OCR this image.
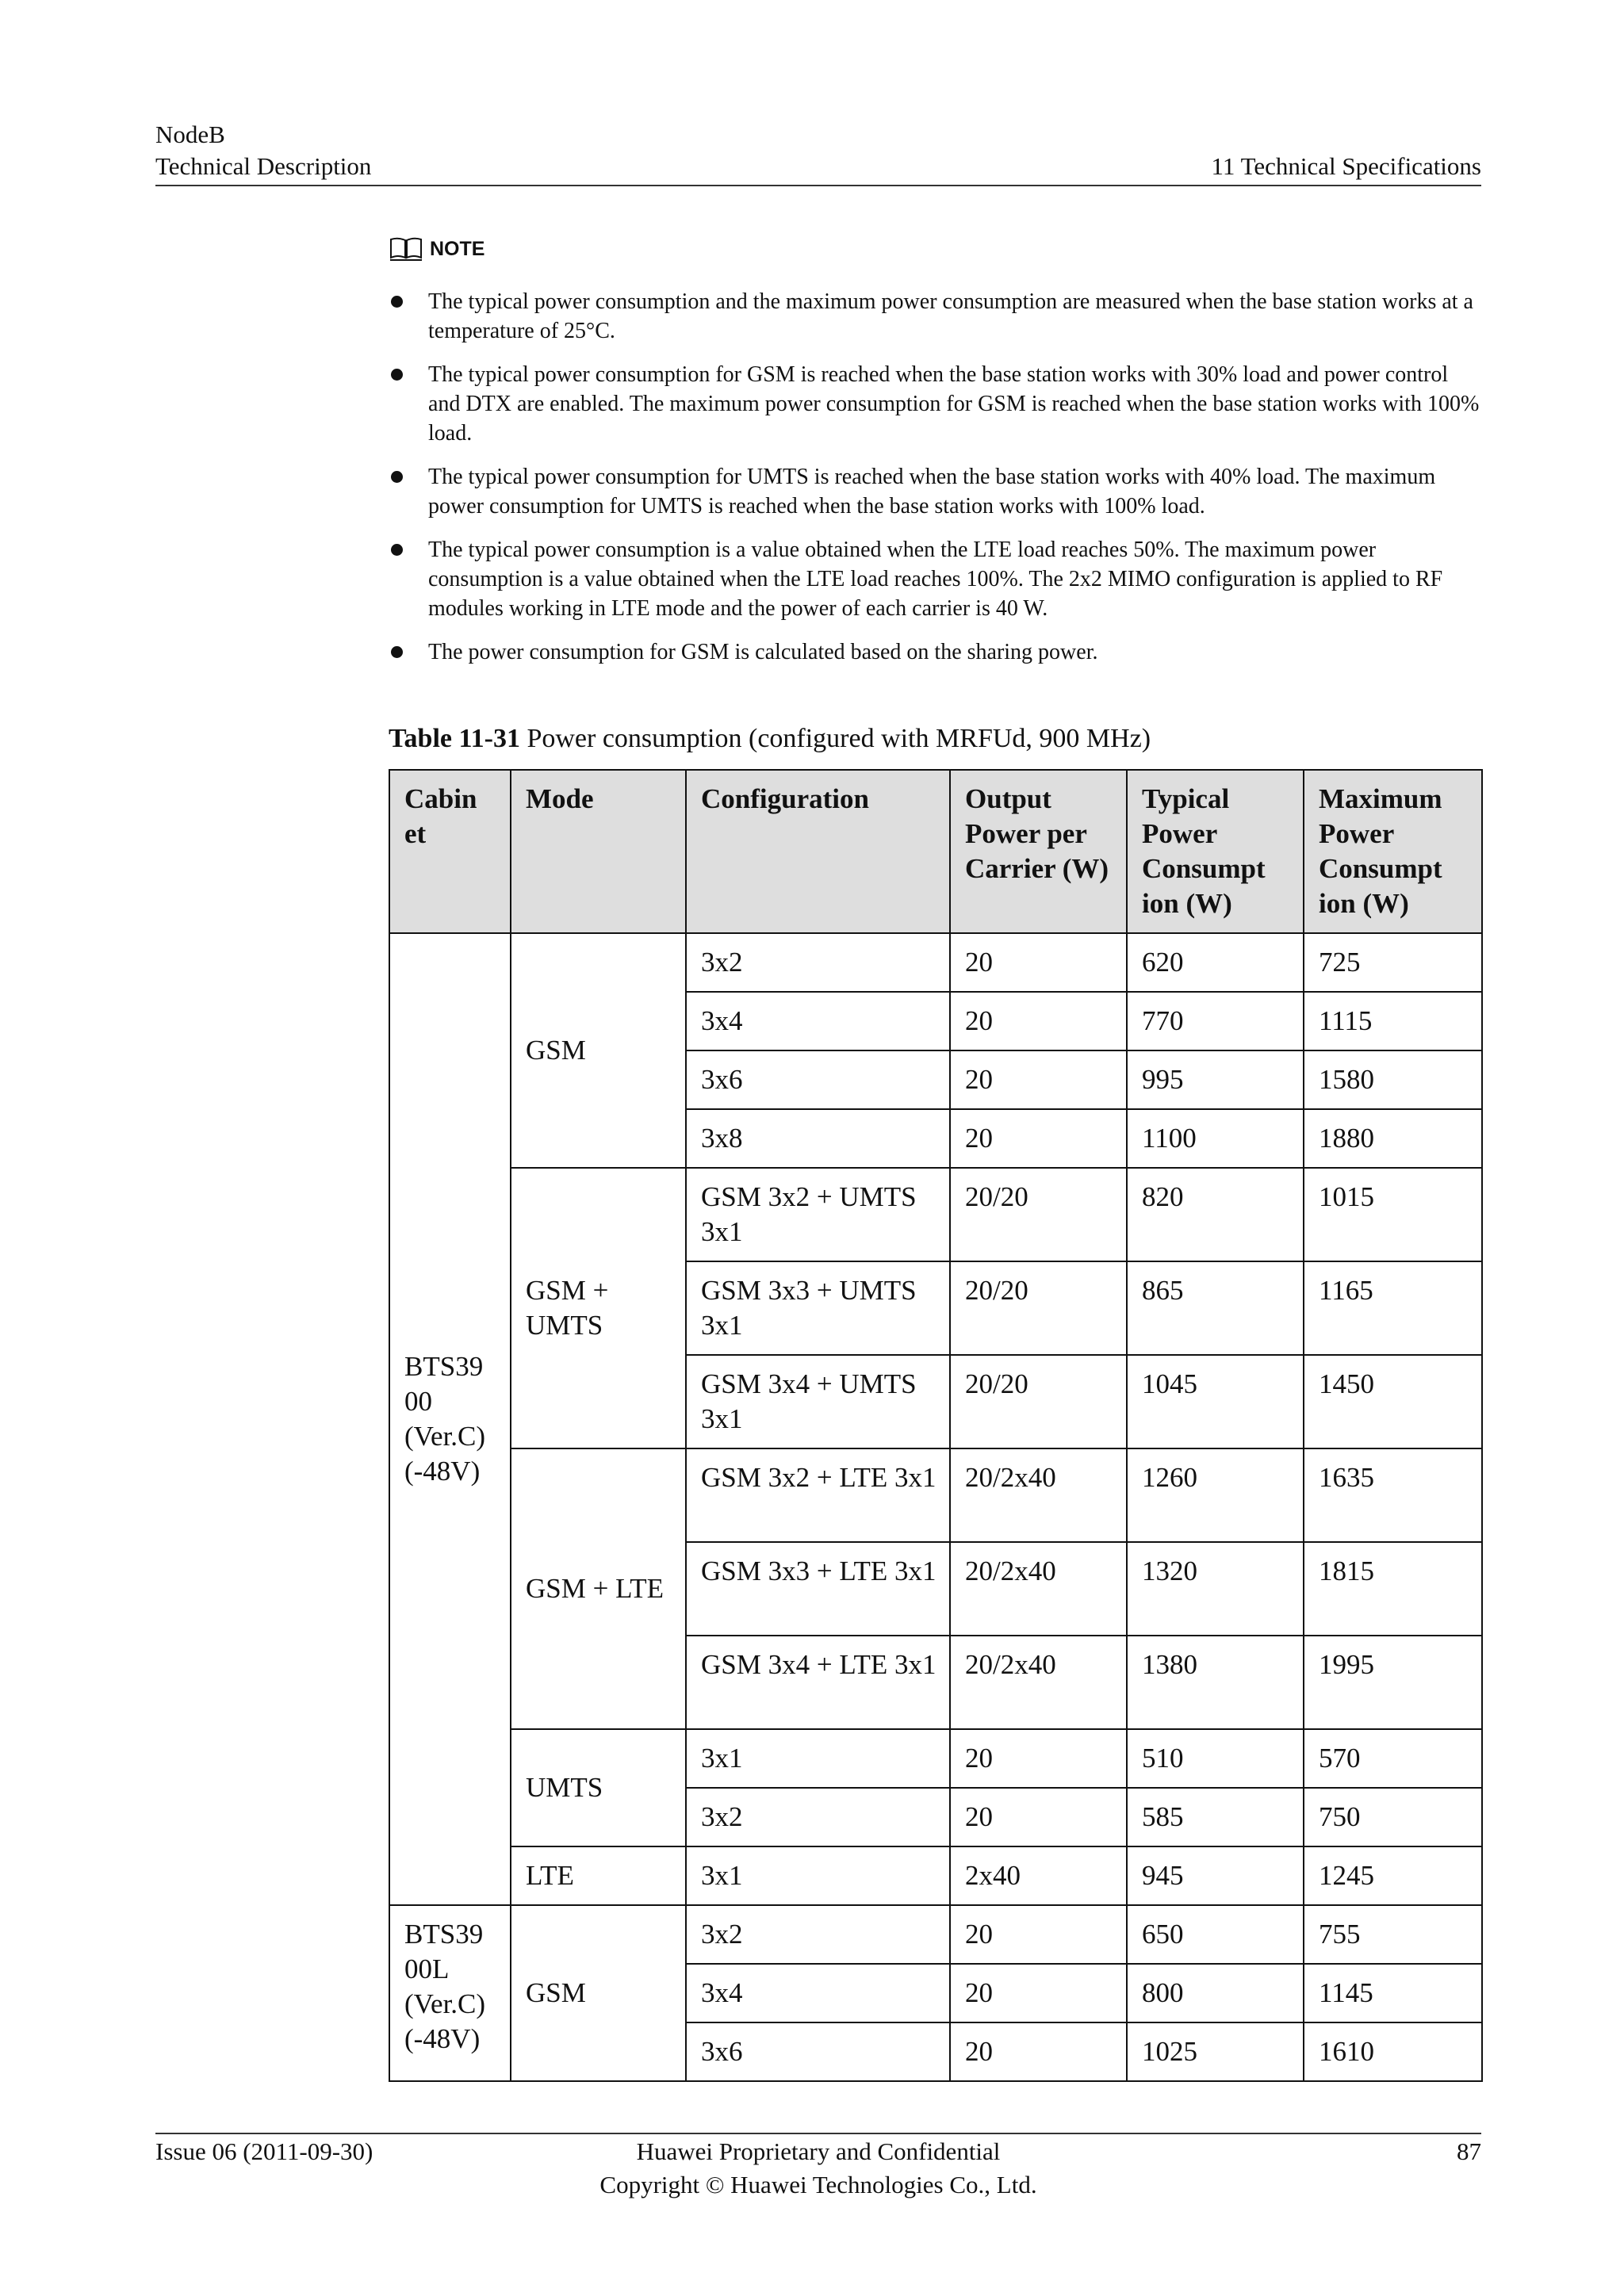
NodeB
Technical Description	11 Technical Specifications
NOTE
The typical power consumption and the maximum power consumption are measured when the base station works at a temperature of 25°C.
The typical power consumption for GSM is reached when the base station works with 30% load and power control and DTX are enabled. The maximum power consumption for GSM is reached when the base station works with 100% load.
The typical power consumption for UMTS is reached when the base station works with 40% load. The maximum power consumption for UMTS is reached when the base station works with 100% load.
The typical power consumption is a value obtained when the LTE load reaches 50%. The maximum power consumption is a value obtained when the LTE load reaches 100%. The 2x2 MIMO configuration is applied to RF modules working in LTE mode and the power of each carrier is 40 W.
The power consumption for GSM is calculated based on the sharing power.
Table 11-31 Power consumption (configured with MRFUd, 900 MHz)
Cabin et	Mode	Configuration	Output Power per Carrier (W)	Typical Power Consumpt ion (W)	Maximum Power Consumpt ion (W)
BTS39 00 (Ver.C) (-48V)	GSM	3x2	20	620	725
		3x4	20	770	1115
		3x6	20	995	1580
		3x8	20	1100	1880
	GSM + UMTS	GSM 3x2 + UMTS 3x1	20/20	820	1015
		GSM 3x3 + UMTS 3x1	20/20	865	1165
		GSM 3x4 + UMTS 3x1	20/20	1045	1450
	GSM + LTE	GSM 3x2 + LTE 3x1	20/2x40	1260	1635
		GSM 3x3 + LTE 3x1	20/2x40	1320	1815
		GSM 3x4 + LTE 3x1	20/2x40	1380	1995
	UMTS	3x1	20	510	570
		3x2	20	585	750
	LTE	3x1	2x40	945	1245
BTS39 00L (Ver.C) (-48V)	GSM	3x2	20	650	755
		3x4	20	800	1145
		3x6	20	1025	1610
Issue 06 (2011-09-30)	Huawei Proprietary and Confidential
Copyright © Huawei Technologies Co., Ltd.
87
